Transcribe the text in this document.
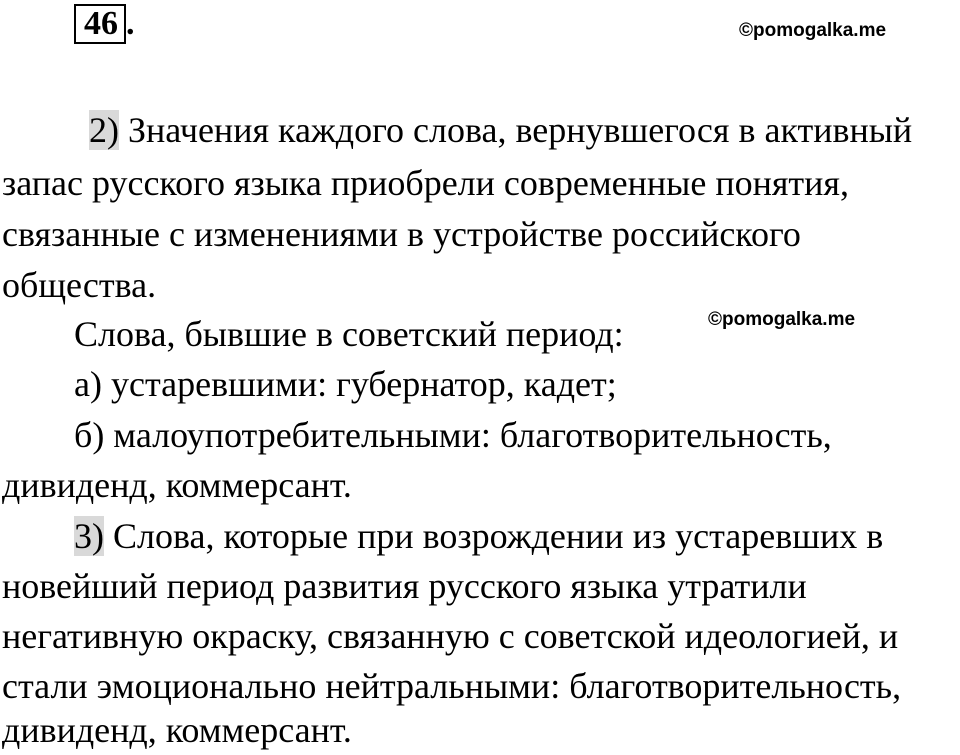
46 .	©pomogalka.me
©pomogalka.me
2) Значения каждого слова, вернувшегося в активный
запас русского языка приобрели современные понятия,
связанные с изменениями в устройстве российского
общества.
Слова, бывшие в советский период:
а) устаревшими: губернатор, кадет;
б) малоупотребительными: благотворительность,
дивиденд, коммерсант.
3) Слова, которые при возрождении из устаревших в
новейший период развития русского языка утратили
негативную окраску, связанную с советской идеологией, и
стали эмоционально нейтральными: благотворительность,
дивиденд, коммерсант.
